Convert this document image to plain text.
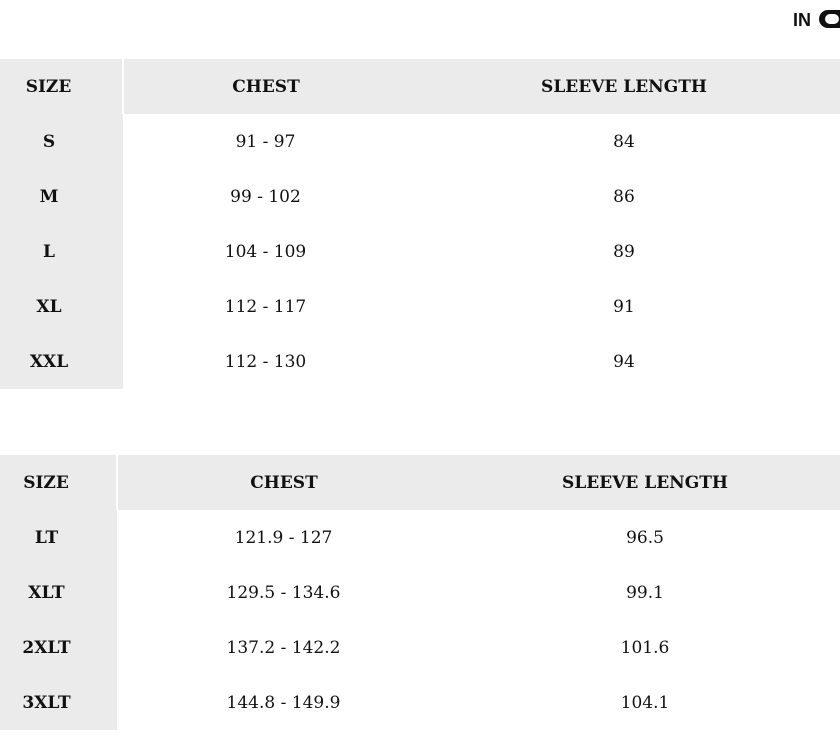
IN
SIZE	CHEST	SLEEVE LENGTH
S	91 - 97	84
M	99 - 102	86
L	104 - 109	89
XL	112 - 117	91
XXL	112 - 130	94
SIZE	CHEST	SLEEVE LENGTH
LT	121.9 - 127	96.5
XLT	129.5 - 134.6	99.1
2XLT	137.2 - 142.2	101.6
3XLT	144.8 - 149.9	104.1
